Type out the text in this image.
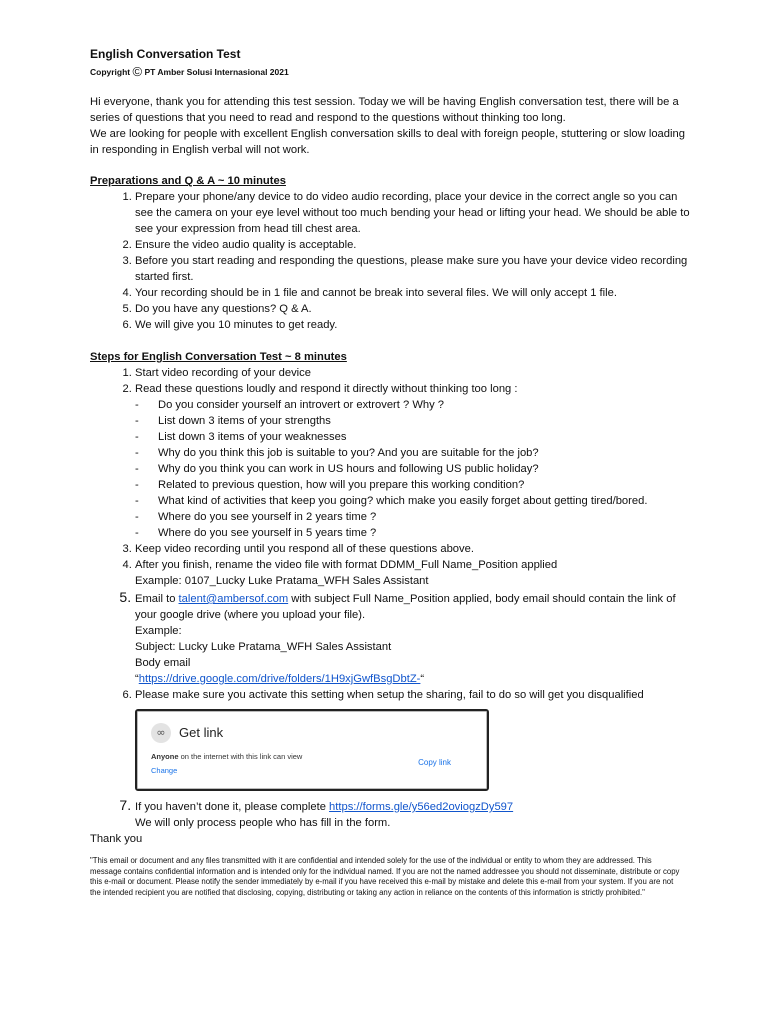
English Conversation Test

Copyright © PT Amber Solusi Internasional 2021

Hi everyone, thank you for attending this test session. Today we will be having English conversation test, there will be a series of questions that you need to read and respond to the questions without thinking too long.

We are looking for people with excellent English conversation skills to deal with foreign people, stuttering or slow loading in responding in English verbal will not work.

Preparations and Q & A ~ 10 minutes

1. Prepare your phone/any device to do video audio recording, place your device in the correct angle so you can see the camera on your eye level without too much bending your head or lifting your head. We should be able to see your expression from head till chest area.
2. Ensure the video audio quality is acceptable.
3. Before you start reading and responding the questions, please make sure you have your device video recording started first.
4. Your recording should be in 1 file and cannot be break into several files. We will only accept 1 file.
5. Do you have any questions? Q & A.
6. We will give you 10 minutes to get ready.

Steps for English Conversation Test ~ 8 minutes

1. Start video recording of your device
2. Read these questions loudly and respond it directly without thinking too long :
- Do you consider yourself an introvert or extrovert ? Why ?
- List down 3 items of your strengths
- List down 3 items of your weaknesses
- Why do you think this job is suitable to you? And you are suitable for the job?
- Why do you think you can work in US hours and following US public holiday?
- Related to previous question, how will you prepare this working condition?
- What kind of activities that keep you going? which make you easily forget about getting tired/bored.
- Where do you see yourself in 2 years time ?
- Where do you see yourself in 5 years time ?
3. Keep video recording until you respond all of these questions above.
4. After you finish, rename the video file with format DDMM_Full Name_Position applied
Example: 0107_Lucky Luke Pratama_WFH Sales Assistant
5. Email to talent@ambersof.com with subject Full Name_Position applied, body email should contain the link of your google drive (where you upload your file).
Example:
Subject: Lucky Luke Pratama_WFH Sales Assistant
Body email
“https://drive.google.com/drive/folders/1H9xjGwfBsgDbtZ-“
6. Please make sure you activate this setting when setup the sharing, fail to do so will get you disqualified
∞ Get link
Anyone on the internet with this link can view
Change
Copy link
7. If you haven’t done it, please complete https://forms.gle/y56ed2oviogzDy597
We will only process people who has fill in the form.

Thank you

"This email or document and any files transmitted with it are confidential and intended solely for the use of the individual or entity to whom they are addressed. This message contains confidential information and is intended only for the individual named. If you are not the named addressee you should not disseminate, distribute or copy this e-mail or document. Please notify the sender immediately by e-mail if you have received this e-mail by mistake and delete this e-mail from your system. If you are not the intended recipient you are notified that disclosing, copying, distributing or taking any action in reliance on the contents of this information is strictly prohibited."
